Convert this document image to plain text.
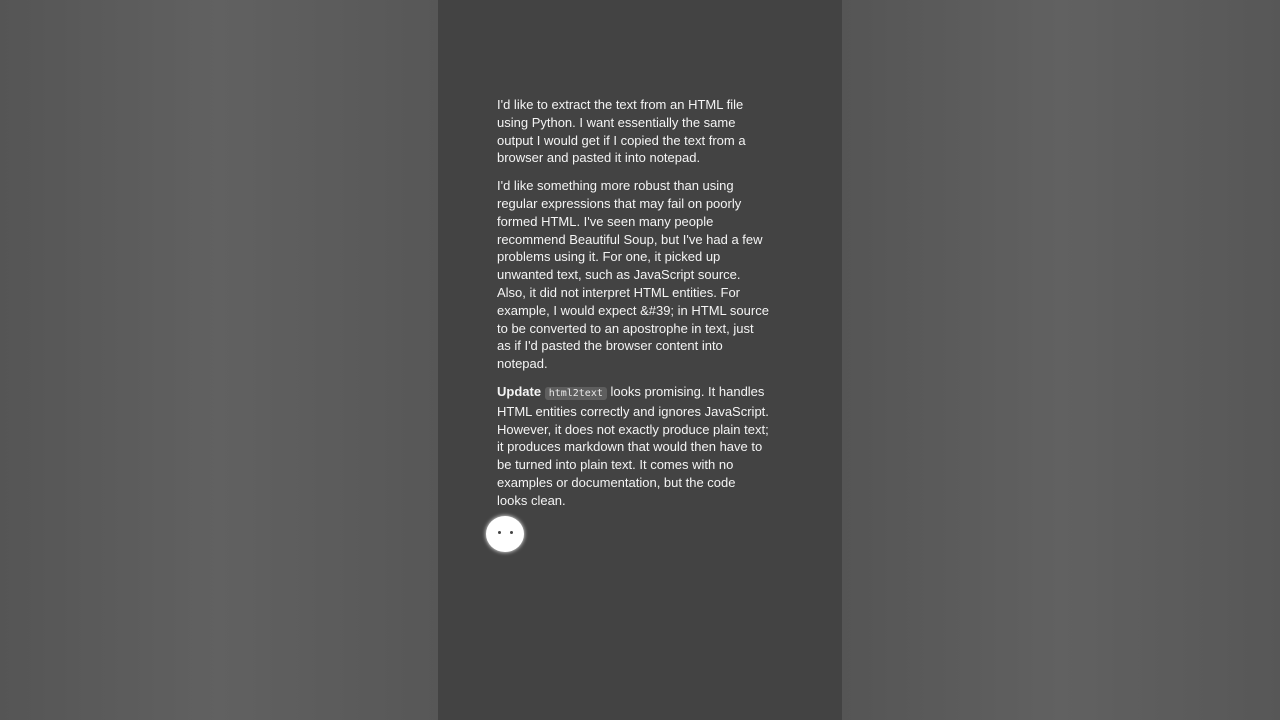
I'd like to extract the text from an HTML file
using Python. I want essentially the same
output I would get if I copied the text from a
browser and pasted it into notepad.

I'd like something more robust than using
regular expressions that may fail on poorly
formed HTML. I've seen many people
recommend Beautiful Soup, but I've had a few
problems using it. For one, it picked up
unwanted text, such as JavaScript source.
Also, it did not interpret HTML entities. For
example, I would expect &#39; in HTML source
to be converted to an apostrophe in text, just
as if I'd pasted the browser content into
notepad.

Update html2text looks promising. It handles
HTML entities correctly and ignores JavaScript.
However, it does not exactly produce plain text;
it produces markdown that would then have to
be turned into plain text. It comes with no
examples or documentation, but the code
looks clean.
